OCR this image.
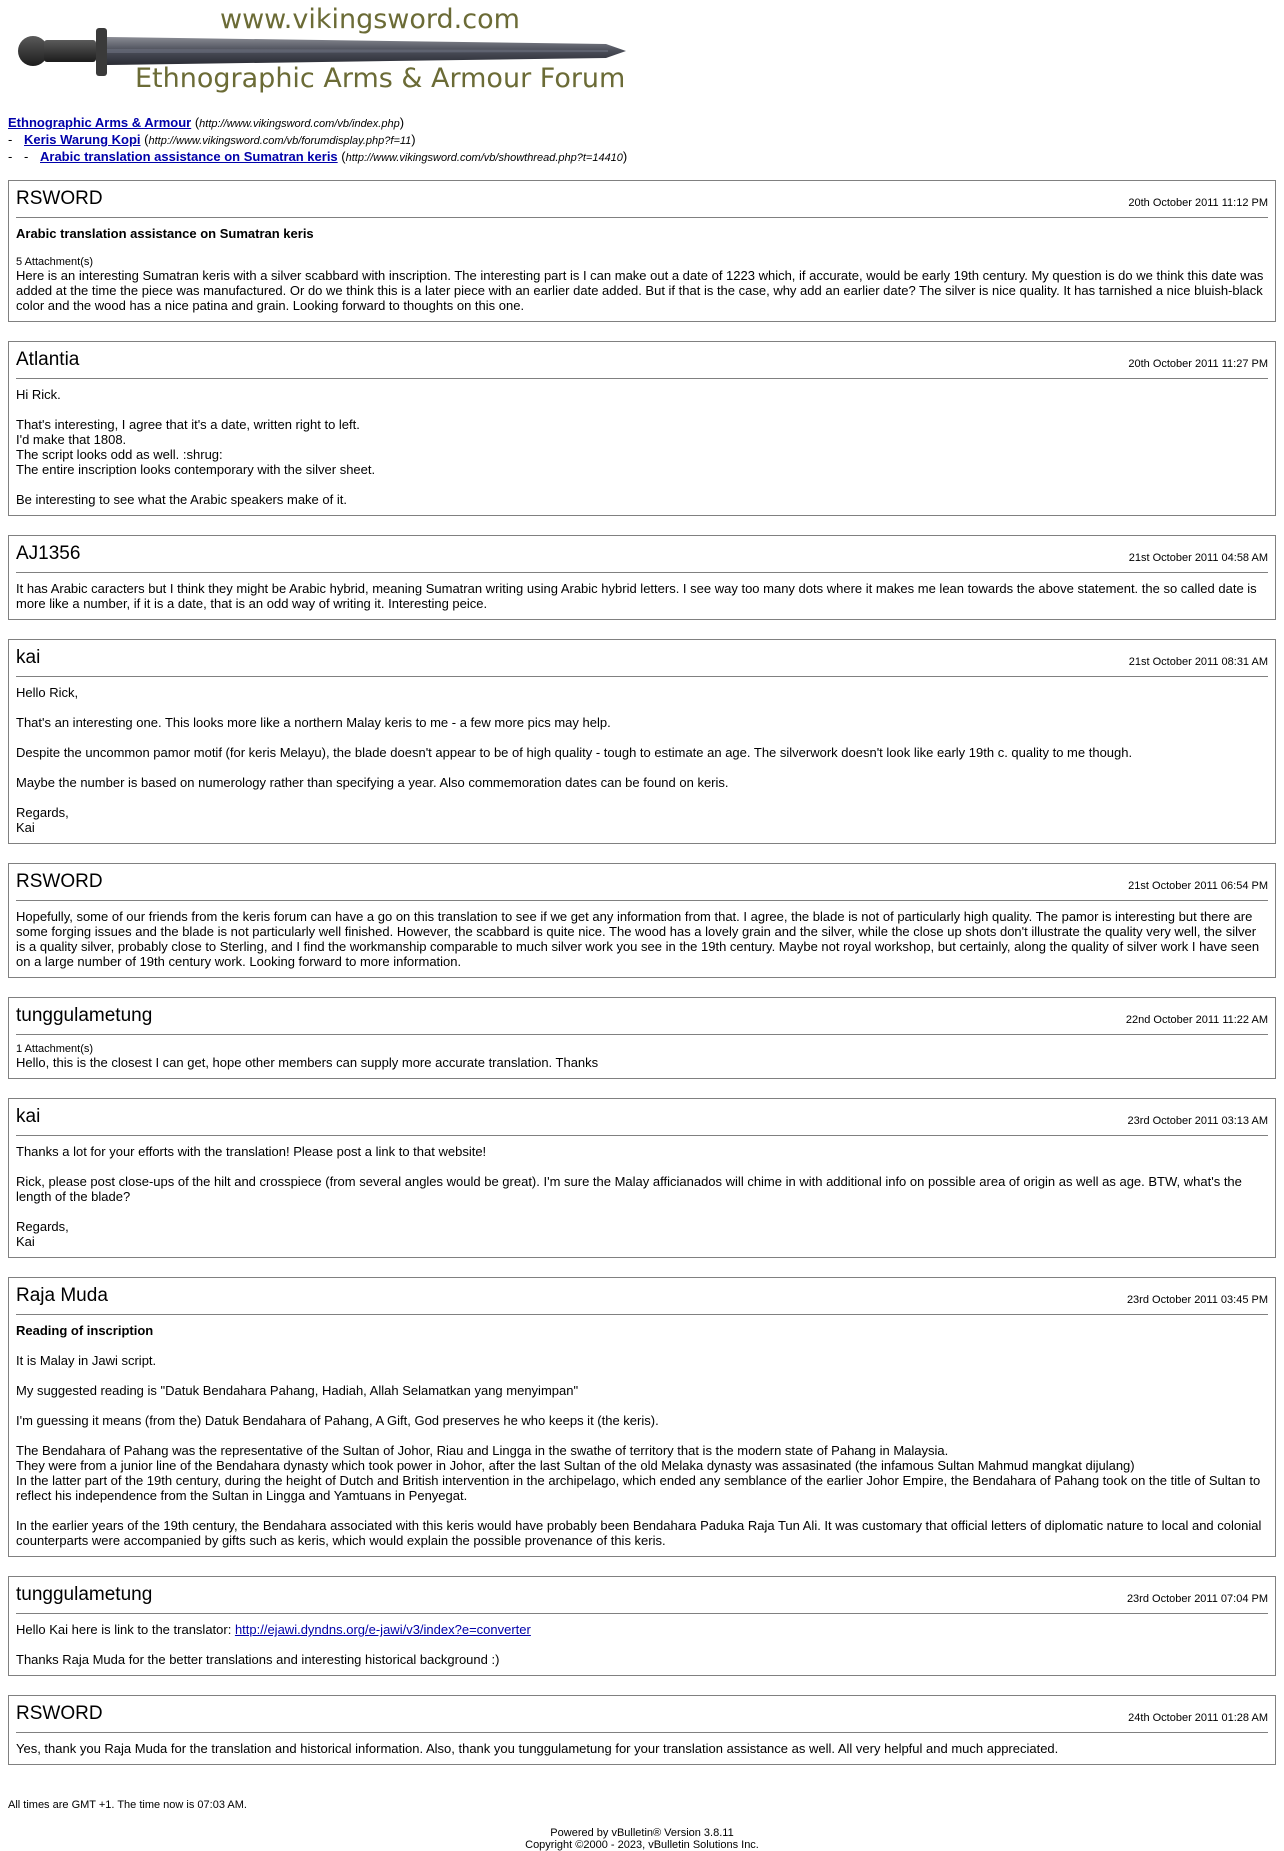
www.vikingsword.com
Ethnographic Arms & Armour Forum
Ethnographic Arms & Armour (http://www.vikingsword.com/vb/index.php)
- Keris Warung Kopi (http://www.vikingsword.com/vb/forumdisplay.php?f=11)
- - Arabic translation assistance on Sumatran keris (http://www.vikingsword.com/vb/showthread.php?t=14410)
RSWORD	20th October 2011 11:12 PM
Arabic translation assistance on Sumatran keris
5 Attachment(s)

Here is an interesting Sumatran keris with a silver scabbard with inscription. The interesting part is I can make out a date of 1223 which, if accurate, would be early 19th century. My question is do we think this date was added at the time the piece was manufactured. Or do we think this is a later piece with an earlier date added. But if that is the case, why add an earlier date? The silver is nice quality. It has tarnished a nice bluish-black color and the wood has a nice patina and grain. Looking forward to thoughts on this one.

Atlantia	20th October 2011 11:27 PM

Hi Rick.

That's interesting, I agree that it's a date, written right to left.
I'd make that 1808.
The script looks odd as well. :shrug:
The entire inscription looks contemporary with the silver sheet.

Be interesting to see what the Arabic speakers make of it.

AJ1356	21st October 2011 04:58 AM

It has Arabic caracters but I think they might be Arabic hybrid, meaning Sumatran writing using Arabic hybrid letters. I see way too many dots where it makes me lean towards the above statement. the so called date is more like a number, if it is a date, that is an odd way of writing it. Interesting peice.

kai	21st October 2011 08:31 AM

Hello Rick,

That's an interesting one. This looks more like a northern Malay keris to me - a few more pics may help.

Despite the uncommon pamor motif (for keris Melayu), the blade doesn't appear to be of high quality - tough to estimate an age. The silverwork doesn't look like early 19th c. quality to me though.

Maybe the number is based on numerology rather than specifying a year. Also commemoration dates can be found on keris.

Regards,
Kai

RSWORD	21st October 2011 06:54 PM

Hopefully, some of our friends from the keris forum can have a go on this translation to see if we get any information from that. I agree, the blade is not of particularly high quality. The pamor is interesting but there are some forging issues and the blade is not particularly well finished. However, the scabbard is quite nice. The wood has a lovely grain and the silver, while the close up shots don't illustrate the quality very well, the silver is a quality silver, probably close to Sterling, and I find the workmanship comparable to much silver work you see in the 19th century. Maybe not royal workshop, but certainly, along the quality of silver work I have seen on a large number of 19th century work. Looking forward to more information.

tunggulametung	22nd October 2011 11:22 AM
1 Attachment(s)

Hello, this is the closest I can get, hope other members can supply more accurate translation. Thanks

kai	23rd October 2011 03:13 AM

Thanks a lot for your efforts with the translation! Please post a link to that website!

Rick, please post close-ups of the hilt and crosspiece (from several angles would be great). I'm sure the Malay afficianados will chime in with additional info on possible area of origin as well as age. BTW, what's the length of the blade?

Regards,
Kai

Raja Muda	23rd October 2011 03:45 PM
Reading of inscription

It is Malay in Jawi script.

My suggested reading is "Datuk Bendahara Pahang, Hadiah, Allah Selamatkan yang menyimpan"

I'm guessing it means (from the) Datuk Bendahara of Pahang, A Gift, God preserves he who keeps it (the keris).

The Bendahara of Pahang was the representative of the Sultan of Johor, Riau and Lingga in the swathe of territory that is the modern state of Pahang in Malaysia.
They were from a junior line of the Bendahara dynasty which took power in Johor, after the last Sultan of the old Melaka dynasty was assasinated (the infamous Sultan Mahmud mangkat dijulang)
In the latter part of the 19th century, during the height of Dutch and British intervention in the archipelago, which ended any semblance of the earlier Johor Empire, the Bendahara of Pahang took on the title of Sultan to reflect his independence from the Sultan in Lingga and Yamtuans in Penyegat.

In the earlier years of the 19th century, the Bendahara associated with this keris would have probably been Bendahara Paduka Raja Tun Ali. It was customary that official letters of diplomatic nature to local and colonial counterparts were accompanied by gifts such as keris, which would explain the possible provenance of this keris.

tunggulametung	23rd October 2011 07:04 PM

Hello Kai here is link to the translator: http://ejawi.dyndns.org/e-jawi/v3/index?e=converter

Thanks Raja Muda for the better translations and interesting historical background :)

RSWORD	24th October 2011 01:28 AM

Yes, thank you Raja Muda for the translation and historical information. Also, thank you tunggulametung for your translation assistance as well. All very helpful and much appreciated.

All times are GMT +1. The time now is 07:03 AM.
Powered by vBulletin® Version 3.8.11
Copyright ©2000 - 2023, vBulletin Solutions Inc.
